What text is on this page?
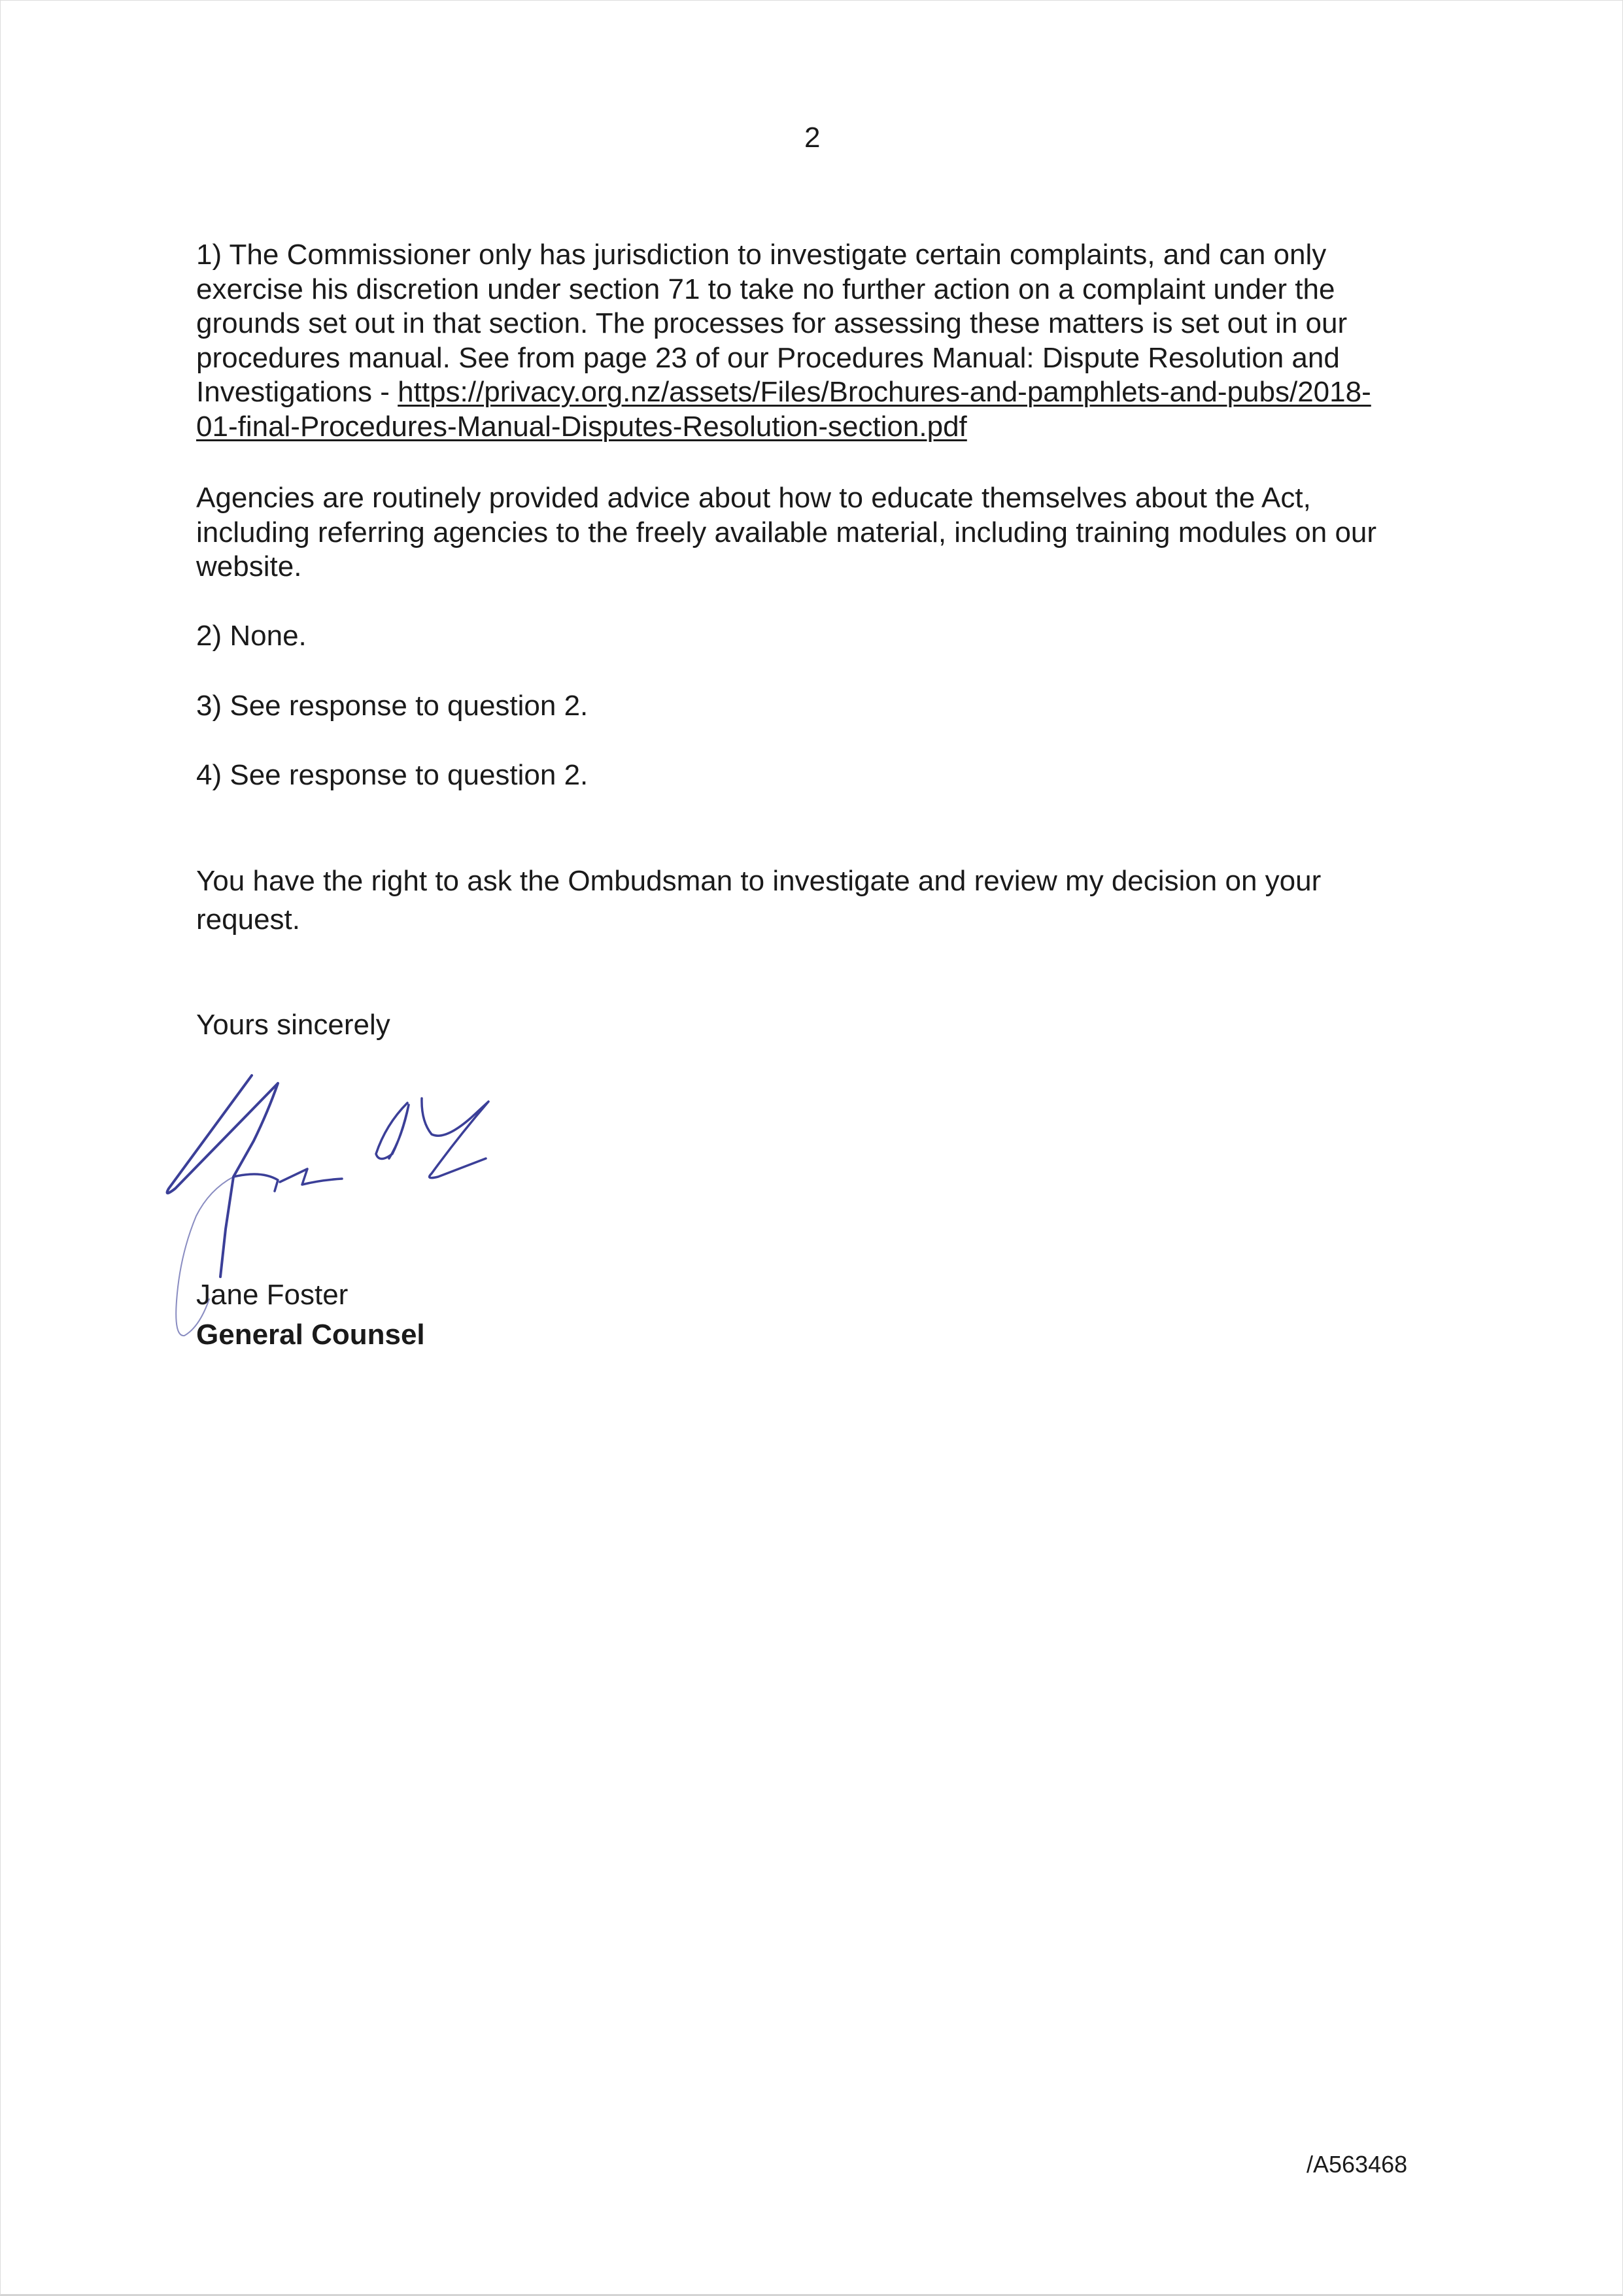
2
1) The Commissioner only has jurisdiction to investigate certain complaints, and can only
exercise his discretion under section 71 to take no further action on a complaint under the
grounds set out in that section. The processes for assessing these matters is set out in our
procedures manual. See from page 23 of our Procedures Manual: Dispute Resolution and
Investigations - https://privacy.org.nz/assets/Files/Brochures-and-pamphlets-and-pubs/2018-
01-final-Procedures-Manual-Disputes-Resolution-section.pdf
Agencies are routinely provided advice about how to educate themselves about the Act,
including referring agencies to the freely available material, including training modules on our
website.
2) None.
3) See response to question 2.
4) See response to question 2.
You have the right to ask the Ombudsman to investigate and review my decision on your
request.
Yours sincerely
Jane Foster
General Counsel
/A563468
